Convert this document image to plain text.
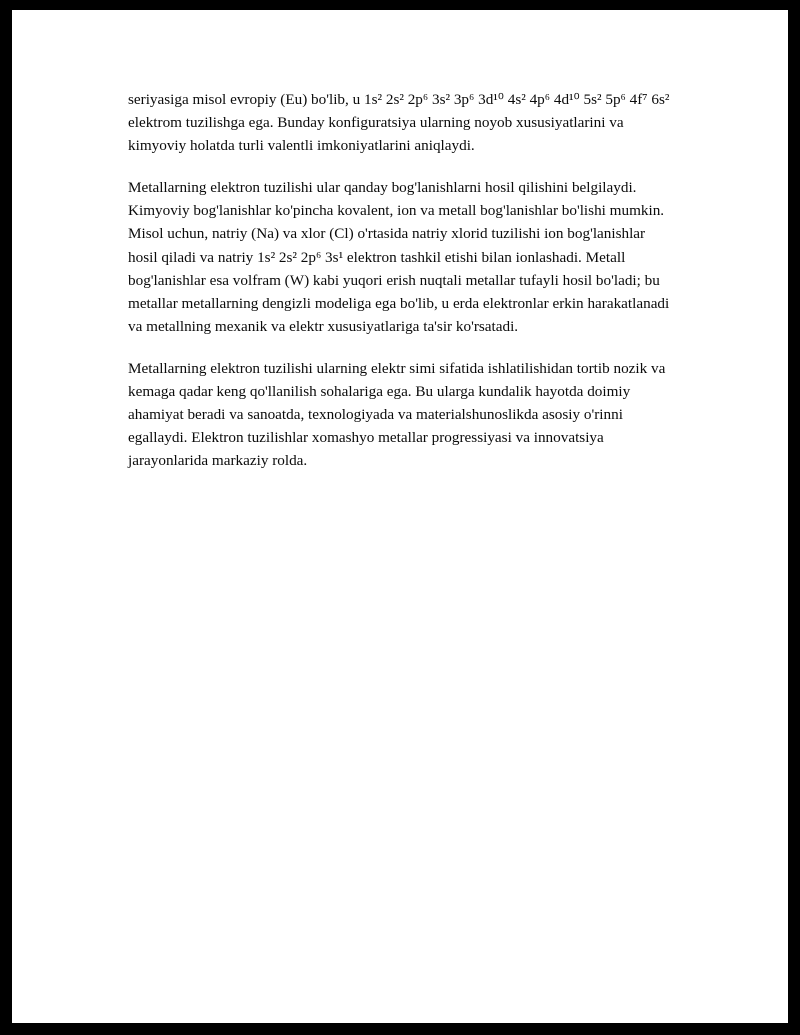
seriyasiga misol evropiy (Eu) bo'lib, u 1s² 2s² 2p⁶ 3s² 3p⁶ 3d¹⁰ 4s² 4p⁶ 4d¹⁰ 5s² 5p⁶ 4f⁷ 6s² elektrom tuzilishga ega. Bunday konfiguratsiya ularning noyob xususiyatlarini va kimyoviy holatda turli valentli imkoniyatlarini aniqlaydi.

Metallarning elektron tuzilishi ular qanday bog'lanishlarni hosil qilishini belgilaydi. Kimyoviy bog'lanishlar ko'pincha kovalent, ion va metall bog'lanishlar bo'lishi mumkin. Misol uchun, natriy (Na) va xlor (Cl) o'rtasida natriy xlorid tuzilishi ion bog'lanishlar hosil qiladi va natriy 1s² 2s² 2p⁶ 3s¹ elektron tashkil etishi bilan ionlashadi. Metall bog'lanishlar esa volfram (W) kabi yuqori erish nuqtali metallar tufayli hosil bo'ladi; bu metallar metallarning dengizli modeliga ega bo'lib, u erda elektronlar erkin harakatlanadi va metallning mexanik va elektr xususiyatlariga ta'sir ko'rsatadi.

Metallarning elektron tuzilishi ularning elektr simi sifatida ishlatilishidan tortib nozik va kemaga qadar keng qo'llanilish sohalariga ega. Bu ularga kundalik hayotda doimiy ahamiyat beradi va sanoatda, texnologiyada va materialshunoslikda asosiy o'rinni egallaydi. Elektron tuzilishlar xomashyo metallar progressiyasi va innovatsiya jarayonlarida markaziy rolda.
